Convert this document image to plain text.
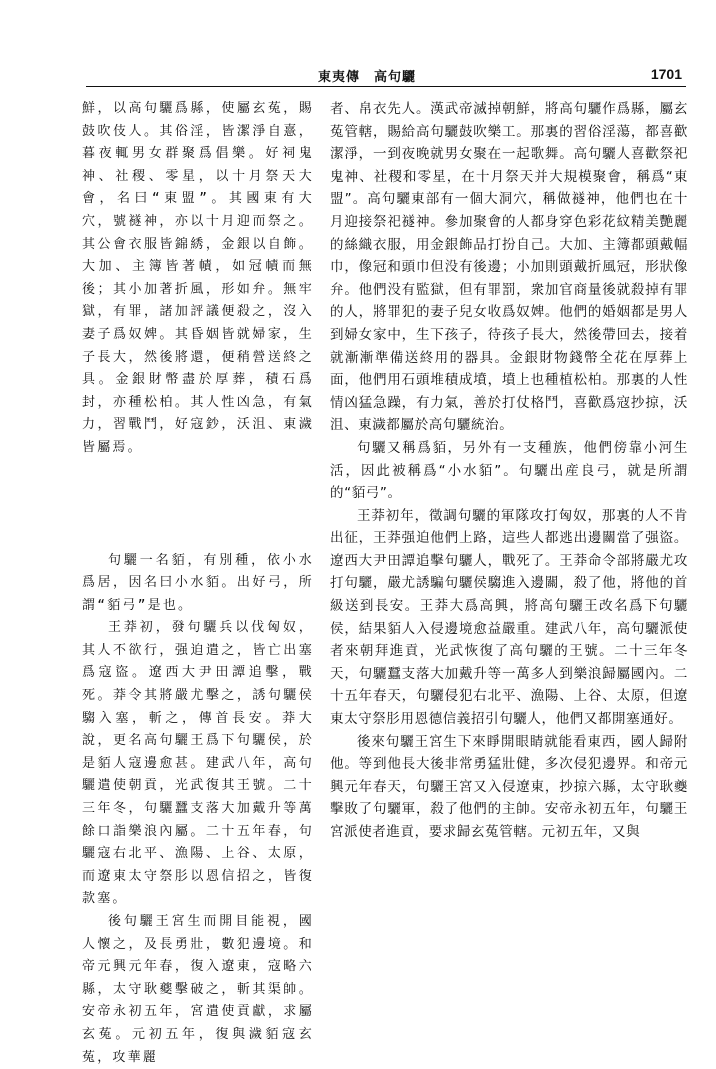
東夷傳　高句驪	1701

鮮，以高句驪爲縣，使屬玄菟，賜鼓吹伎人。其俗淫，皆潔淨自憙，暮夜輒男女群聚爲倡樂。好祠鬼神、社稷、零星，以十月祭天大會，名曰“東盟”。其國東有大穴，號襚神，亦以十月迎而祭之。其公會衣服皆錦綉，金銀以自飾。大加、主簿皆著幘，如冠幘而無後；其小加著折風，形如弁。無牢獄，有罪，諸加評議便殺之，沒入妻子爲奴婢。其昏姻皆就婦家，生子長大，然後將還，便稍營送終之具。金銀財幣盡於厚葬，積石爲封，亦種松柏。其人性凶急，有氣力，習戰鬥，好寇鈔，沃沮、東濊皆屬焉。

句驪一名貊，有別種，依小水爲居，因名曰小水貊。出好弓，所謂“貊弓”是也。

王莽初，發句驪兵以伐匈奴，其人不欲行，强迫遣之，皆亡出塞爲寇盜。遼西大尹田譚追擊，戰死。莽令其將嚴尤擊之，誘句驪侯騶入塞，斬之，傳首長安。莽大說，更名高句驪王爲下句驪侯，於是貊人寇邊愈甚。建武八年，高句驪遣使朝貢，光武復其王號。二十三年冬，句驪蠶支落大加戴升等萬餘口詣樂浪內屬。二十五年春，句驪寇右北平、漁陽、上谷、太原，而遼東太守祭肜以恩信招之，皆復款塞。

後句驪王宮生而開目能視，國人懷之，及長勇壯，數犯邊境。和帝元興元年春，復入遼東，寇略六縣，太守耿夔擊破之，斬其渠帥。安帝永初五年，宮遣使貢獻，求屬玄菟。元初五年，復與濊貊寇玄菟，攻華麗

者、帛衣先人。漢武帝滅掉朝鮮，將高句驪作爲縣，屬玄菟管轄，賜給高句驪鼓吹樂工。那裏的習俗淫蕩，都喜歡潔淨，一到夜晚就男女聚在一起歌舞。高句驪人喜歡祭祀鬼神、社稷和零星，在十月祭天并大規模聚會，稱爲“東盟”。高句驪東部有一個大洞穴，稱做襚神，他們也在十月迎接祭祀襚神。參加聚會的人都身穿色彩花紋精美艷麗的絲織衣服，用金銀飾品打扮自己。大加、主簿都頭戴幅巾，像冠和頭巾但没有後邊；小加則頭戴折風冠，形狀像弁。他們没有監獄，但有罪罰，衆加官商量後就殺掉有罪的人，將罪犯的妻子兒女收爲奴婢。他們的婚姻都是男人到婦女家中，生下孩子，待孩子長大，然後帶回去，接着就漸漸準備送終用的器具。金銀財物錢幣全花在厚葬上面，他們用石頭堆積成墳，墳上也種植松柏。那裏的人性情凶猛急躁，有力氣，善於打仗格鬥，喜歡爲寇抄掠，沃沮、東濊都屬於高句驪統治。

句驪又稱爲貊，另外有一支種族，他們傍靠小河生活，因此被稱爲“小水貊”。句驪出産良弓，就是所謂的“貊弓”。

王莽初年，徵調句驪的軍隊攻打匈奴，那裏的人不肯出征，王莽强迫他們上路，這些人都逃出邊關當了强盜。遼西大尹田譚追擊句驪人，戰死了。王莽命令部將嚴尤攻打句驪，嚴尤誘騙句驪侯騶進入邊關，殺了他，將他的首級送到長安。王莽大爲高興，將高句驪王改名爲下句驪侯，結果貊人入侵邊境愈益嚴重。建武八年，高句驪派使者來朝拜進貢，光武恢復了高句驪的王號。二十三年冬天，句驪蠶支落大加戴升等一萬多人到樂浪歸屬國內。二十五年春天，句驪侵犯右北平、漁陽、上谷、太原，但遼東太守祭肜用恩德信義招引句驪人，他們又都開塞通好。

後來句驪王宮生下來睜開眼睛就能看東西，國人歸附他。等到他長大後非常勇猛壯健，多次侵犯邊界。和帝元興元年春天，句驪王宮又入侵遼東，抄掠六縣，太守耿夔擊敗了句驪軍，殺了他們的主帥。安帝永初五年，句驪王宮派使者進貢，要求歸玄菟管轄。元初五年，又與
